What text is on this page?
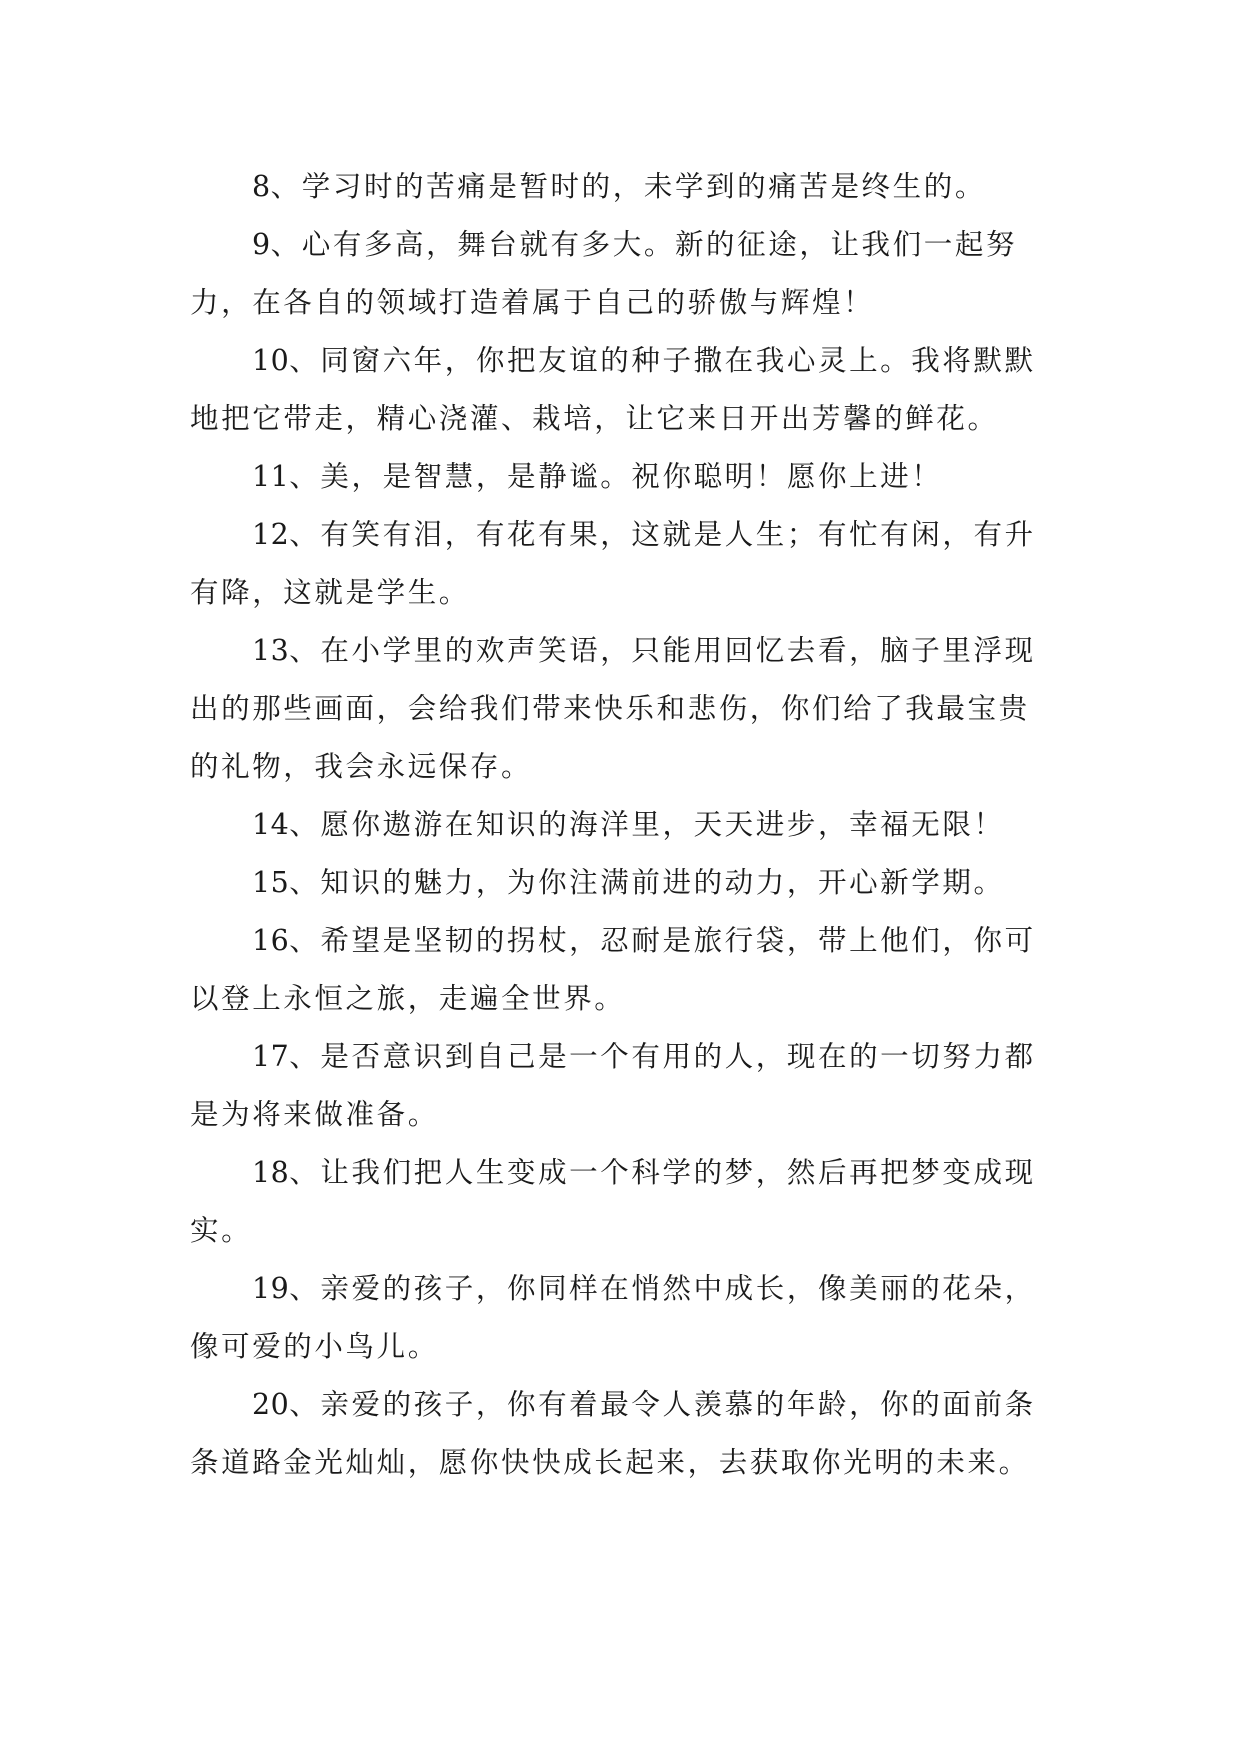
8、学习时的苦痛是暂时的，未学到的痛苦是终生的。

9、心有多高，舞台就有多大。新的征途，让我们一起努力，在各自的领域打造着属于自己的骄傲与辉煌！

10、同窗六年，你把友谊的种子撒在我心灵上。我将默默地把它带走，精心浇灌、栽培，让它来日开出芳馨的鲜花。

11、美，是智慧，是静谧。祝你聪明！愿你上进！

12、有笑有泪，有花有果，这就是人生；有忙有闲，有升有降，这就是学生。

13、在小学里的欢声笑语，只能用回忆去看，脑子里浮现出的那些画面，会给我们带来快乐和悲伤，你们给了我最宝贵的礼物，我会永远保存。

14、愿你遨游在知识的海洋里，天天进步，幸福无限！

15、知识的魅力，为你注满前进的动力，开心新学期。

16、希望是坚韧的拐杖，忍耐是旅行袋，带上他们，你可以登上永恒之旅，走遍全世界。

17、是否意识到自己是一个有用的人，现在的一切努力都是为将来做准备。

18、让我们把人生变成一个科学的梦，然后再把梦变成现实。

19、亲爱的孩子，你同样在悄然中成长，像美丽的花朵，像可爱的小鸟儿。

20、亲爱的孩子，你有着最令人羡慕的年龄，你的面前条条道路金光灿灿，愿你快快成长起来，去获取你光明的未来。
